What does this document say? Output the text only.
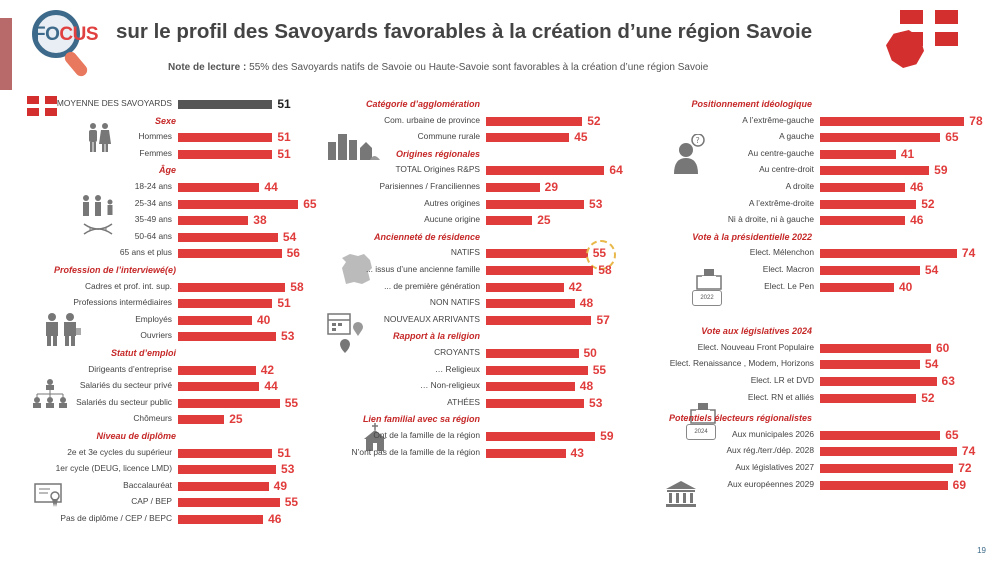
FOCUS sur le profil des Savoyards favorables à la création d’une région Savoie
Note de lecture : 55% des Savoyards natifs de Savoie ou Haute-Savoie sont favorables à la création d’une région Savoie
?
2022
2024
MOYENNE DES SAVOYARDS	51
Sexe
Hommes	51
Femmes	51
Âge
18-24 ans	44
25-34 ans	65
35-49 ans	38
50-64 ans	54
65 ans et plus	56
Profession de l’interviewé(e)
Cadres et prof. int. sup.	58
Professions intermédiaires	51
Employés	40
Ouvriers	53
Statut d’emploi
Dirigeants d’entreprise	42
Salariés du secteur privé	44
Salariés du secteur public	55
Chômeurs	25
Niveau de diplôme
2e et 3e cycles du supérieur	51
1er cycle (DEUG, licence LMD)	53
Baccalauréat	49
CAP / BEP	55
Pas de diplôme / CEP / BEPC	46
Catégorie d’agglomération
Com. urbaine de province	52
Commune rurale	45
Origines régionales
TOTAL Origines R&PS	64
Parisiennes / Franciliennes	29
Autres origines	53
Aucune origine	25
Ancienneté de résidence
NATIFS	55
... issus d’une ancienne famille	58
... de première génération	42
NON NATIFS	48
NOUVEAUX ARRIVANTS	57
Rapport à la religion
CROYANTS	50
… Religieux	55
… Non-religieux	48
ATHÉES	53
Lien familial avec sa région
Ont de la famille de la région	59
N’ont pas de la famille de la région	43
Positionnement idéologique
A l’extrême-gauche	78
A gauche	65
Au centre-gauche	41
Au centre-droit	59
A droite	46
A l’extrême-droite	52
Ni à droite, ni à gauche	46
Vote à la présidentielle 2022
Elect. Mélenchon	74
Elect. Macron	54
Elect. Le Pen	40
Vote aux législatives 2024
Elect. Nouveau Front Populaire	60
Elect. Renaissance , Modem, Horizons	54
Elect. LR et DVD	63
Elect. RN et alliés	52
Potentiels électeurs régionalistes
Aux municipales 2026	65
Aux rég./terr./dép. 2028	74
Aux législatives 2027	72
Aux européennes 2029	69
19
